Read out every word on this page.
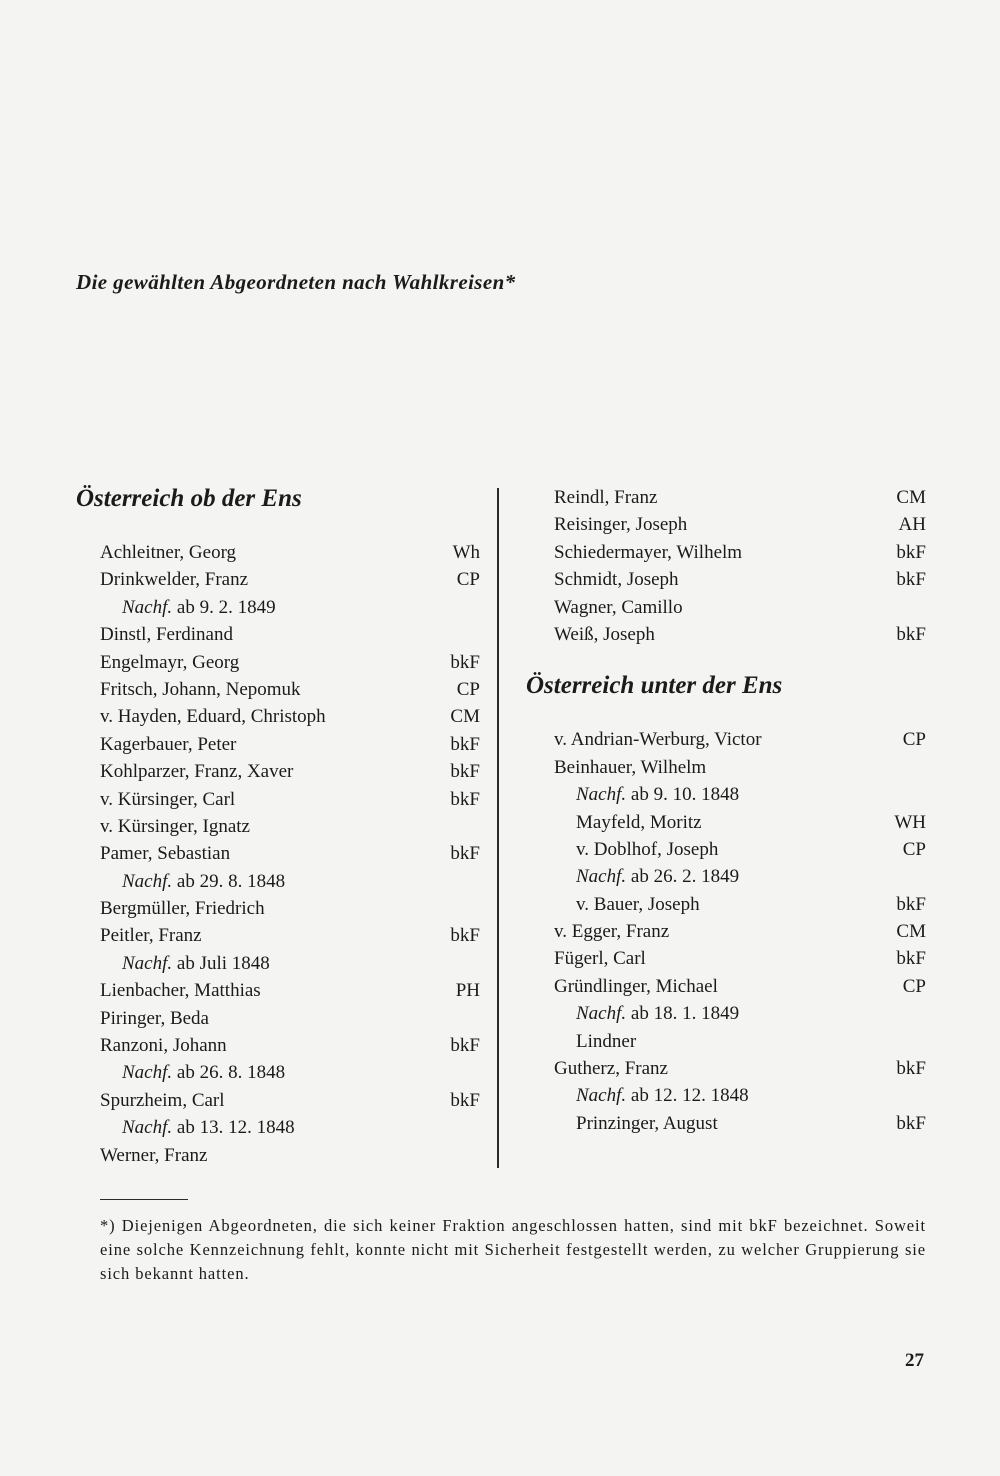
Die gewählten Abgeordneten nach Wahlkreisen*
Österreich ob der Ens
Achleitner, Georg	Wh
Drinkwelder, Franz	CP
Nachf. ab 9. 2. 1849
Dinstl, Ferdinand
Engelmayr, Georg	bkF
Fritsch, Johann, Nepomuk	CP
v. Hayden, Eduard, Christoph	CM
Kagerbauer, Peter	bkF
Kohlparzer, Franz, Xaver	bkF
v. Kürsinger, Carl	bkF
v. Kürsinger, Ignatz
Pamer, Sebastian	bkF
Nachf. ab 29. 8. 1848
Bergmüller, Friedrich
Peitler, Franz	bkF
Nachf. ab Juli 1848
Lienbacher, Matthias	PH
Piringer, Beda
Ranzoni, Johann	bkF
Nachf. ab 26. 8. 1848
Spurzheim, Carl	bkF
Nachf. ab 13. 12. 1848
Werner, Franz
Reindl, Franz	CM
Reisinger, Joseph	AH
Schiedermayer, Wilhelm	bkF
Schmidt, Joseph	bkF
Wagner, Camillo
Weiß, Joseph	bkF
Österreich unter der Ens
v. Andrian-Werburg, Victor	CP
Beinhauer, Wilhelm
Nachf. ab 9. 10. 1848
Mayfeld, Moritz	WH
v. Doblhof, Joseph	CP
Nachf. ab 26. 2. 1849
v. Bauer, Joseph	bkF
v. Egger, Franz	CM
Fügerl, Carl	bkF
Gründlinger, Michael	CP
Nachf. ab 18. 1. 1849
Lindner
Gutherz, Franz	bkF
Nachf. ab 12. 12. 1848
Prinzinger, August	bkF
*) Diejenigen Abgeordneten, die sich keiner Fraktion angeschlossen hatten, sind mit bkF bezeichnet. Soweit eine solche Kennzeichnung fehlt, konnte nicht mit Sicherheit festgestellt werden, zu welcher Gruppierung sie sich bekannt hatten.
27
